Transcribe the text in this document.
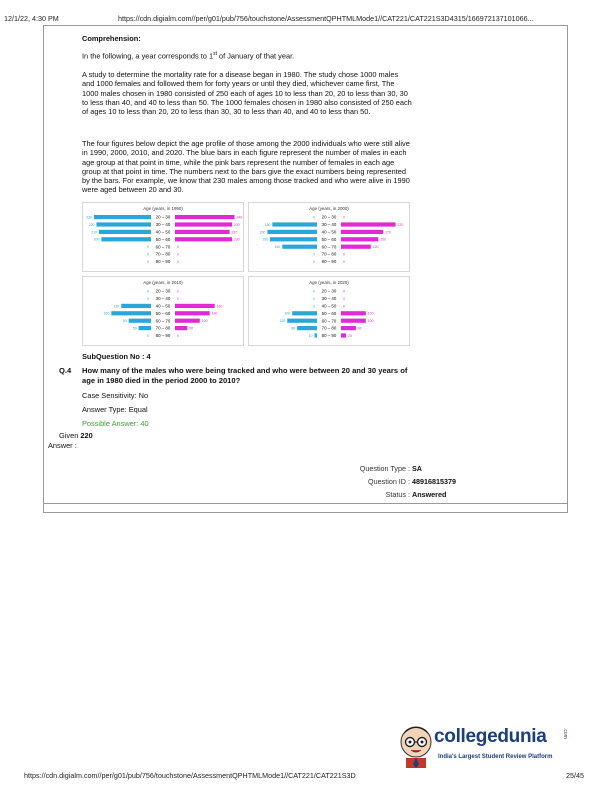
12/1/22, 4:30 PM	https://cdn.digialm.com//per/g01/pub/756/touchstone/AssessmentQPHTMLMode1//CAT221/CAT221S3D4315/166972137101066...
Comprehension:
In the following, a year corresponds to 1st of January of that year.
A study to determine the mortality rate for a disease began in 1980. The study chose 1000 males and 1000 females and followed them for forty years or until they died, whichever came first, The 1000 males chosen in 1980 consisted of 250 each of ages 10 to less than 20, 20 to less than 30, 30 to less than 40, and 40 to less than 50. The 1000 females chosen in 1980 also consisted of 250 each of ages 10 to less than 20, 20 to less than 30, 30 to less than 40, and 40 to less than 50.
The four figures below depict the age profile of those among the 2000 individuals who were still alive in 1990, 2000, 2010, and 2020. The blue bars in each figure represent the number of males in each age group at that point in time, while the pink bars represent the number of females in each age group at that point in time. The numbers next to the bars give the exact numbers being represented by the bars. For example, we know that 230 males among those tracked and who were alive in 1990 were aged between 20 and 30.
Age (years, in 1990)
20 – 30
230	240
30 – 40
220	230
40 – 50
210	220
50 – 60
200	230
60 – 70
0	0
70 – 80
0	0
80 – 90
0	0
Age (years, in 2000)
20 – 30
0	0
30 – 40
180	220
40 – 50
200	170
50 – 60
190	150
60 – 70
140	120
70 – 80
0	0
80 – 90
0	0
Age (years, in 2010)
20 – 30
0	0
30 – 40
0	0
40 – 50
120	160
50 – 60
160	140
60 – 70
90	100
70 – 80
50	50
80 – 90
0	0
Age (years, in 2020)
20 – 30
0	0
30 – 40
0	0
40 – 50
0	0
50 – 60
100	100
60 – 70
120	100
70 – 80
80	60
80 – 90
10	20
SubQuestion No : 4
Q.4 How many of the males who were being tracked and who were between 20 and 30 years of age in 1980 died in the period 2000 to 2010?
Case Sensitivity: No
Answer Type: Equal
Possible Answer: 40
Given 220
Answer :
Question Type : SA
Question ID : 48916815379
Status : Answered
collegedunia	.com
India's Largest Student Review Platform
https://cdn.digialm.com//per/g01/pub/756/touchstone/AssessmentQPHTMLMode1//CAT221/CAT221S3D	25/45
